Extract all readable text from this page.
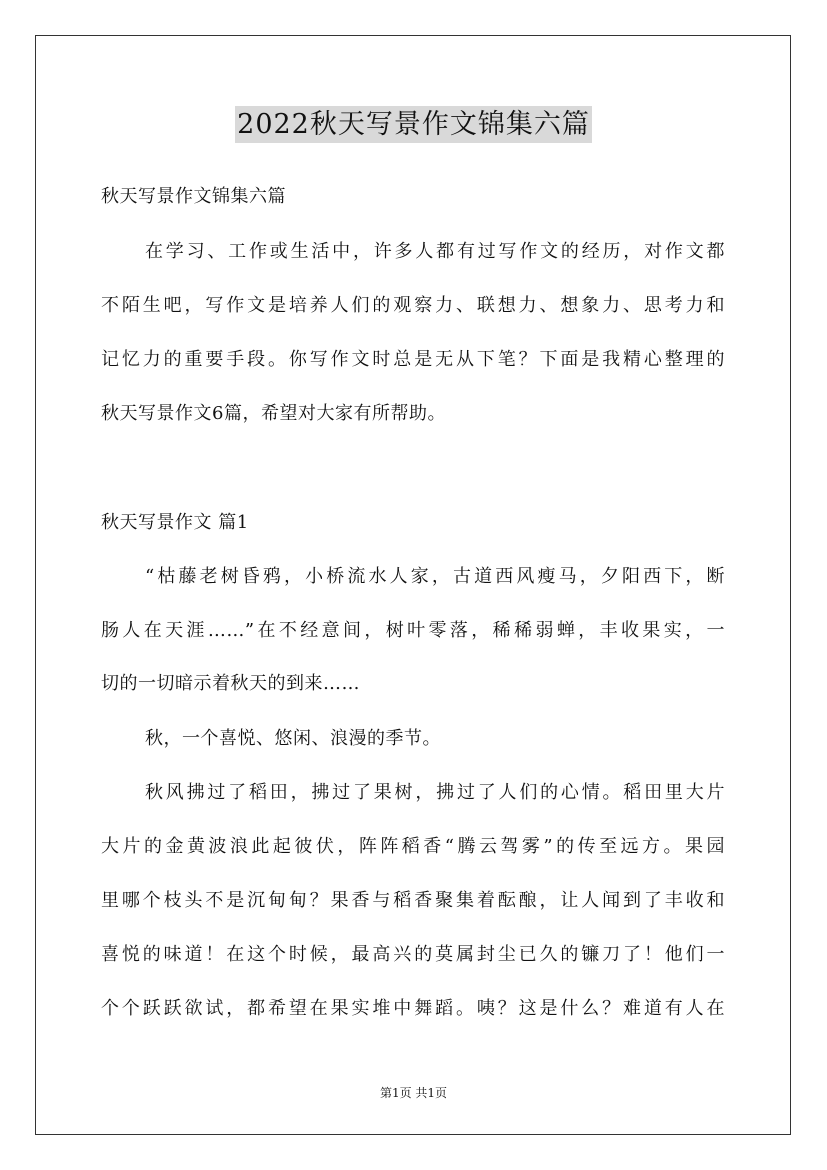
2022秋天写景作文锦集六篇
秋天写景作文锦集六篇
在学习、工作或生活中，许多人都有过写作文的经历，对作文都
不陌生吧，写作文是培养人们的观察力、联想力、想象力、思考力和
记忆力的重要手段。你写作文时总是无从下笔？下面是我精心整理的
秋天写景作文6篇，希望对大家有所帮助。
秋天写景作文 篇1
“枯藤老树昏鸦，小桥流水人家，古道西风瘦马，夕阳西下，断
肠人在天涯……”在不经意间，树叶零落，稀稀弱蝉，丰收果实，一
切的一切暗示着秋天的到来……
秋，一个喜悦、悠闲、浪漫的季节。
秋风拂过了稻田，拂过了果树，拂过了人们的心情。稻田里大片
大片的金黄波浪此起彼伏，阵阵稻香“腾云驾雾”的传至远方。果园
里哪个枝头不是沉甸甸？果香与稻香聚集着酝酿，让人闻到了丰收和
喜悦的味道！在这个时候，最高兴的莫属封尘已久的镰刀了！他们一
个个跃跃欲试，都希望在果实堆中舞蹈。咦？这是什么？难道有人在
第1页 共1页
